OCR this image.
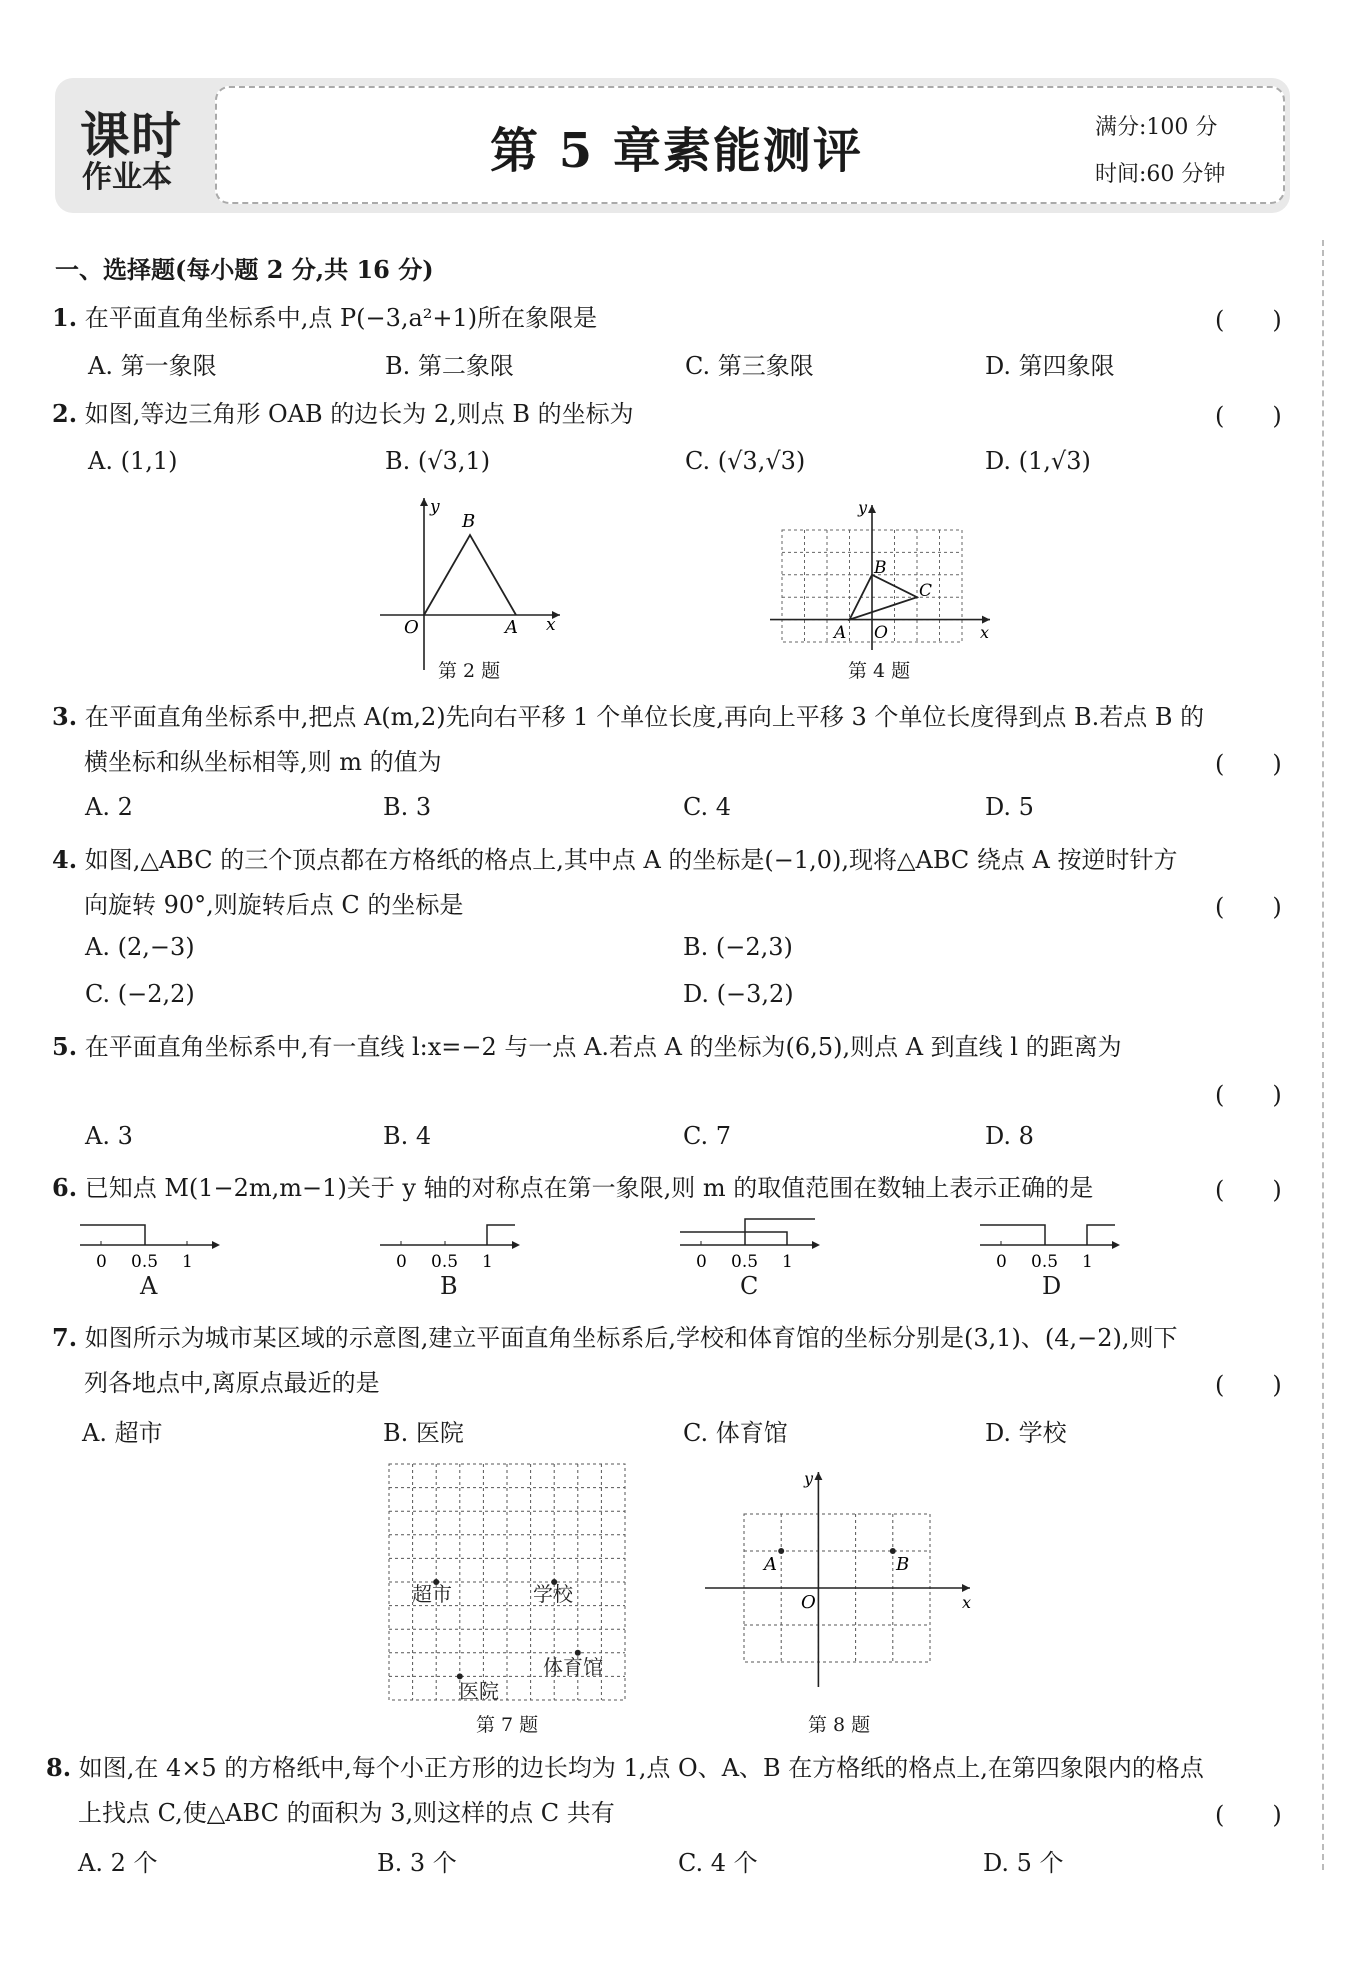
课时
作业本	第 5 章素能测评	满分:100 分
时间:60 分钟
一、选择题(每小题 2 分,共 16 分)
1. 在平面直角坐标系中,点 P(−3,a²+1)所在象限是	(　　)
A. 第一象限	B. 第二象限	C. 第三象限	D. 第四象限
2. 如图,等边三角形 OAB 的边长为 2,则点 B 的坐标为	(　　)
A. (1,1)	B. (√3,1)	C. (√3,√3)	D. (1,√3)
y
x
O	A
B
第 2 题
y
x
O
A
B
C
第 4 题
3. 在平面直角坐标系中,把点 A(m,2)先向右平移 1 个单位长度,再向上平移 3 个单位长度得到点 B.若点 B 的
横坐标和纵坐标相等,则 m 的值为	(　　)
A. 2	B. 3	C. 4	D. 5
4. 如图,△ABC 的三个顶点都在方格纸的格点上,其中点 A 的坐标是(−1,0),现将△ABC 绕点 A 按逆时针方
向旋转 90°,则旋转后点 C 的坐标是	(　　)
A. (2,−3)	B. (−2,3)
C. (−2,2)	D. (−3,2)
5. 在平面直角坐标系中,有一直线 l:x=−2 与一点 A.若点 A 的坐标为(6,5),则点 A 到直线 l 的距离为
(　　)
A. 3	B. 4	C. 7	D. 8
6. 已知点 M(1−2m,m−1)关于 y 轴的对称点在第一象限,则 m 的取值范围在数轴上表示正确的是	(　　)
0 0.5 1
A
0 0.5 1
B
0 0.5 1
C
0 0.5 1
D
7. 如图所示为城市某区域的示意图,建立平面直角坐标系后,学校和体育馆的坐标分别是(3,1)、(4,−2),则下
列各地点中,离原点最近的是	(　　)
A. 超市	B. 医院	C. 体育馆	D. 学校
超市	学校
体育馆
医院
第 7 题
y
x
O
A	B
第 8 题
8. 如图,在 4×5 的方格纸中,每个小正方形的边长均为 1,点 O、A、B 在方格纸的格点上,在第四象限内的格点
上找点 C,使△ABC 的面积为 3,则这样的点 C 共有	(　　)
A. 2 个	B. 3 个	C. 4 个	D. 5 个
